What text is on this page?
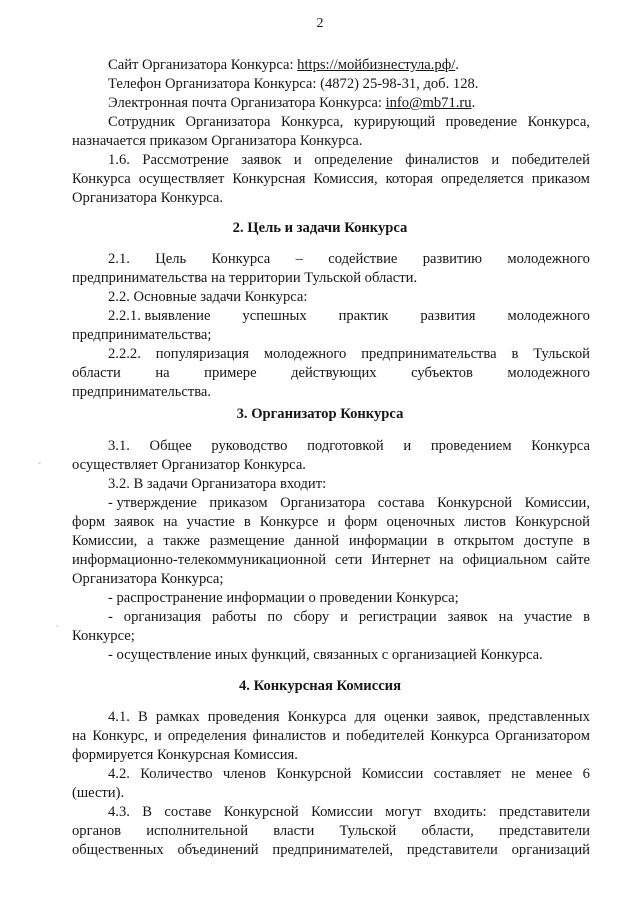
2
Сайт Организатора Конкурса: https://мойбизнестула.рф/.
Телефон Организатора Конкурса: (4872) 25-98-31, доб. 128.
Электронная почта Организатора Конкурса: info@mb71.ru.
Сотрудник Организатора Конкурса, курирующий проведение Конкурса,
назначается приказом Организатора Конкурса.
1.6. Рассмотрение заявок и определение финалистов и победителей
Конкурса осуществляет Конкурсная Комиссия, которая определяется приказом
Организатора Конкурса.
2. Цель и задачи Конкурса
2.1. Цель Конкурса – содействие развитию молодежного
предпринимательства на территории Тульской области.
2.2. Основные задачи Конкурса:
2.2.1. выявление успешных практик развития молодежного
предпринимательства;
2.2.2. популяризация молодежного предпринимательства в Тульской
области на примере действующих субъектов молодежного
предпринимательства.
3. Организатор Конкурса
3.1. Общее руководство подготовкой и проведением Конкурса
осуществляет Организатор Конкурса.
3.2. В задачи Организатора входит:
- утверждение приказом Организатора состава Конкурсной Комиссии,
форм заявок на участие в Конкурсе и форм оценочных листов Конкурсной
Комиссии, а также размещение данной информации в открытом доступе в
информационно-телекоммуникационной сети Интернет на официальном сайте
Организатора Конкурса;
- распространение информации о проведении Конкурса;
- организация работы по сбору и регистрации заявок на участие в
Конкурсе;
- осуществление иных функций, связанных с организацией Конкурса.
4. Конкурсная Комиссия
4.1. В рамках проведения Конкурса для оценки заявок, представленных
на Конкурс, и определения финалистов и победителей Конкурса Организатором
формируется Конкурсная Комиссия.
4.2. Количество членов Конкурсной Комиссии составляет не менее 6
(шести).
4.3. В составе Конкурсной Комиссии могут входить: представители
органов исполнительной власти Тульской области, представители
общественных объединений предпринимателей, представители организаций
˘
·
